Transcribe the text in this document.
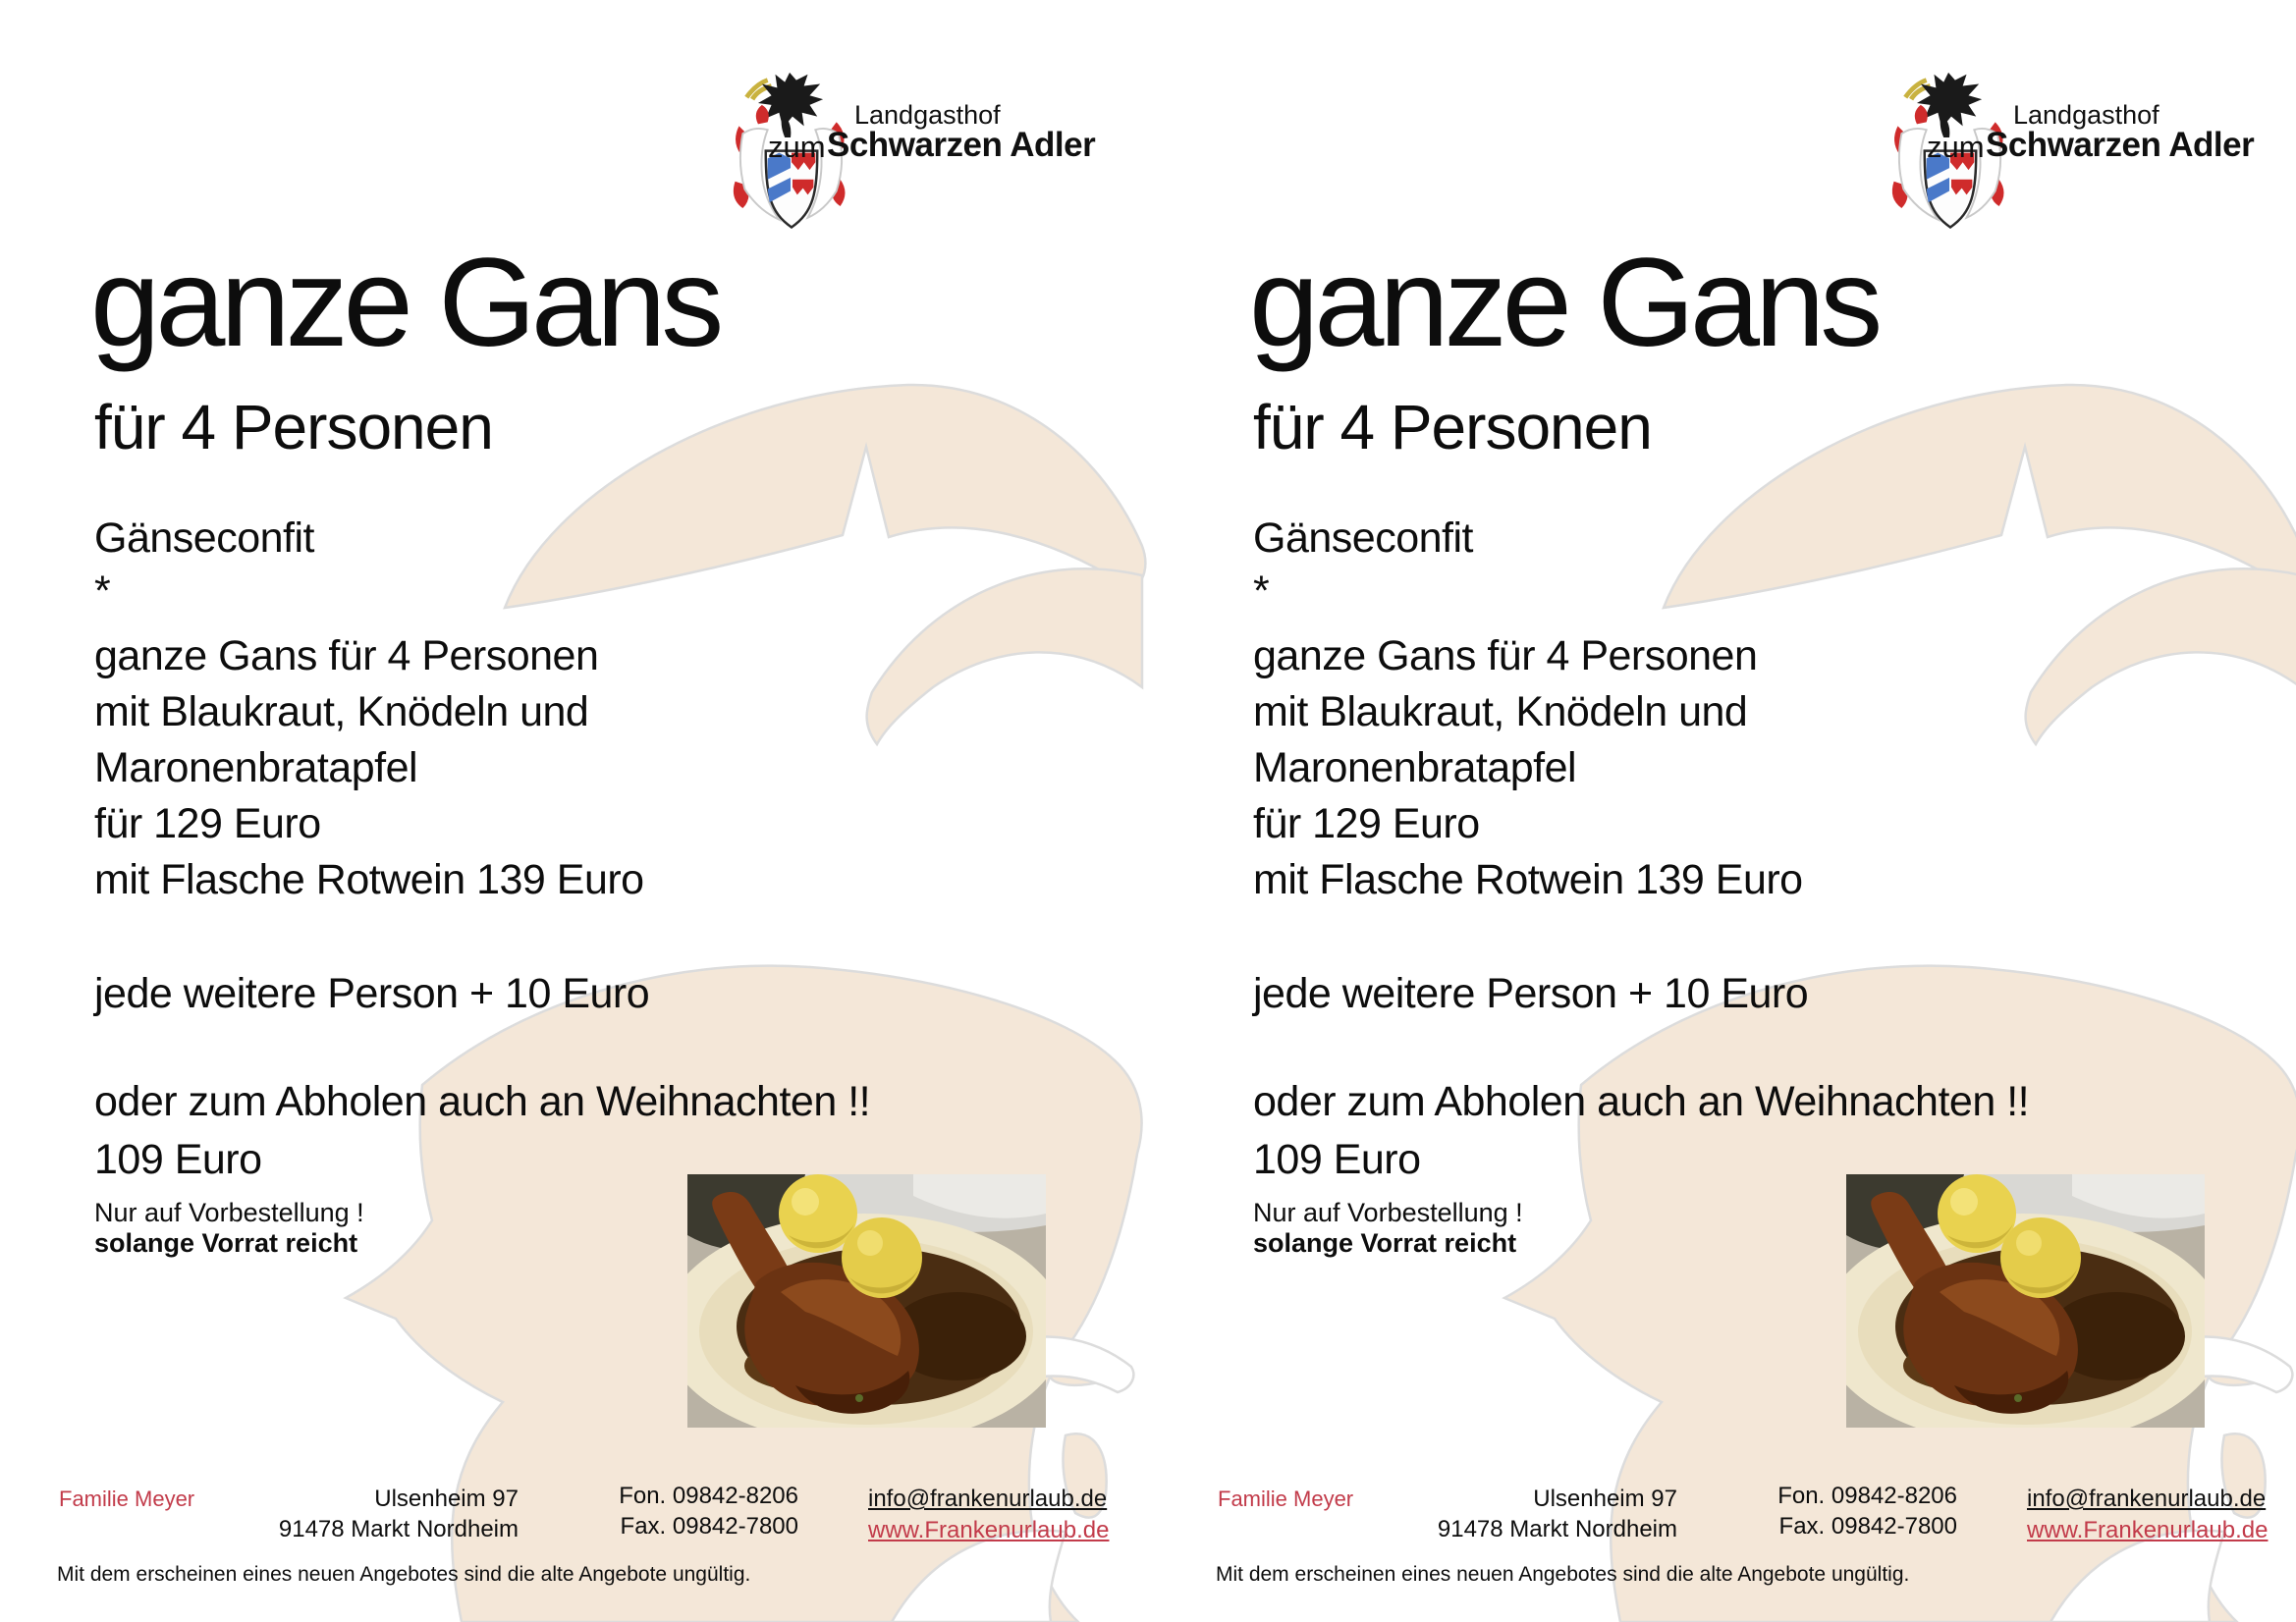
Landgasthof
zum Schwarzen Adler
ganze Gans
für 4 Personen
Gänseconfit
*
ganze Gans für 4 Personen
mit Blaukraut, Knödeln und
Maronenbratapfel
für 129 Euro
mit Flasche Rotwein 139 Euro
jede weitere Person + 10 Euro
oder zum Abholen auch an Weihnachten !!
109 Euro
Nur auf Vorbestellung !
solange Vorrat reicht
Familie Meyer	Ulsenheim 97
91478 Markt Nordheim
Fon. 09842-8206
Fax. 09842-7800
info@frankenurlaub.de
www.Frankenurlaub.de
Mit dem erscheinen eines neuen Angebotes sind die alte Angebote ungültig.
Landgasthof
zum Schwarzen Adler
ganze Gans
für 4 Personen
Gänseconfit
*
ganze Gans für 4 Personen
mit Blaukraut, Knödeln und
Maronenbratapfel
für 129 Euro
mit Flasche Rotwein 139 Euro
jede weitere Person + 10 Euro
oder zum Abholen auch an Weihnachten !!
109 Euro
Nur auf Vorbestellung !
solange Vorrat reicht
Familie Meyer	Ulsenheim 97
91478 Markt Nordheim
Fon. 09842-8206
Fax. 09842-7800
info@frankenurlaub.de
www.Frankenurlaub.de
Mit dem erscheinen eines neuen Angebotes sind die alte Angebote ungültig.
